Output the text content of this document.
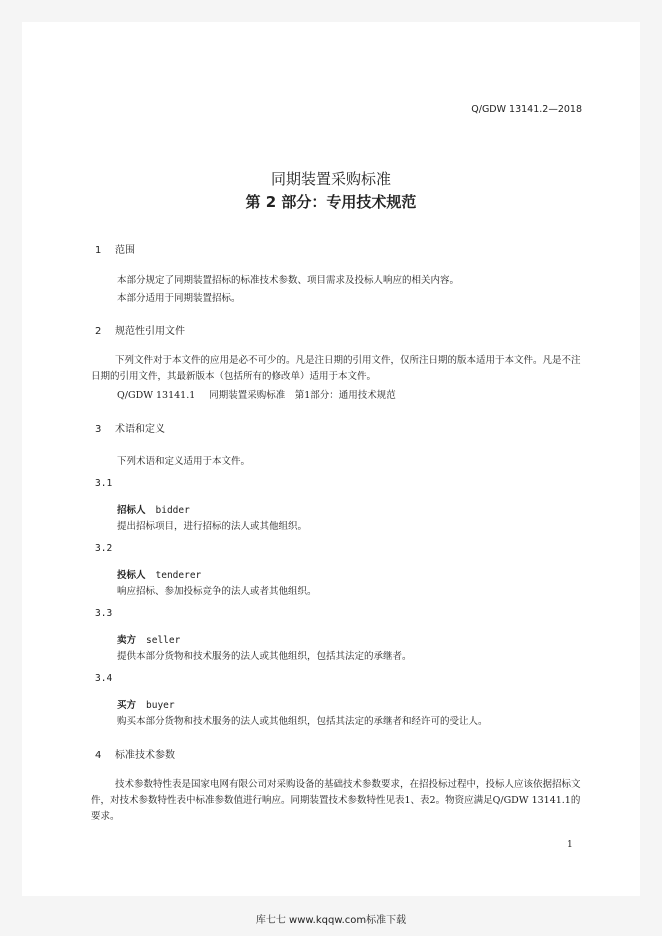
Q/GDW 13141.2—2018
同期装置采购标准
第 2 部分：专用技术规范
1 范围
本部分规定了同期装置招标的标准技术参数、项目需求及投标人响应的相关内容。
本部分适用于同期装置招标。
2 规范性引用文件
下列文件对于本文件的应用是必不可少的。凡是注日期的引用文件，仅所注日期的版本适用于本文件。凡是不注日期的引用文件，其最新版本（包括所有的修改单）适用于本文件。
Q/GDW 13141.1 同期装置采购标准　第1部分：通用技术规范
3 术语和定义
下列术语和定义适用于本文件。
3.1
招标人 bidder
提出招标项目，进行招标的法人或其他组织。
3.2
投标人 tenderer
响应招标、参加投标竞争的法人或者其他组织。
3.3
卖方 seller
提供本部分货物和技术服务的法人或其他组织，包括其法定的承继者。
3.4
买方 buyer
购买本部分货物和技术服务的法人或其他组织，包括其法定的承继者和经许可的受让人。
4 标准技术参数
技术参数特性表是国家电网有限公司对采购设备的基础技术参数要求，在招投标过程中，投标人应该依据招标文件，对技术参数特性表中标准参数值进行响应。同期装置技术参数特性见表1、表2。物资应满足Q/GDW 13141.1的要求。
1
库七七 www.kqqw.com标准下载
